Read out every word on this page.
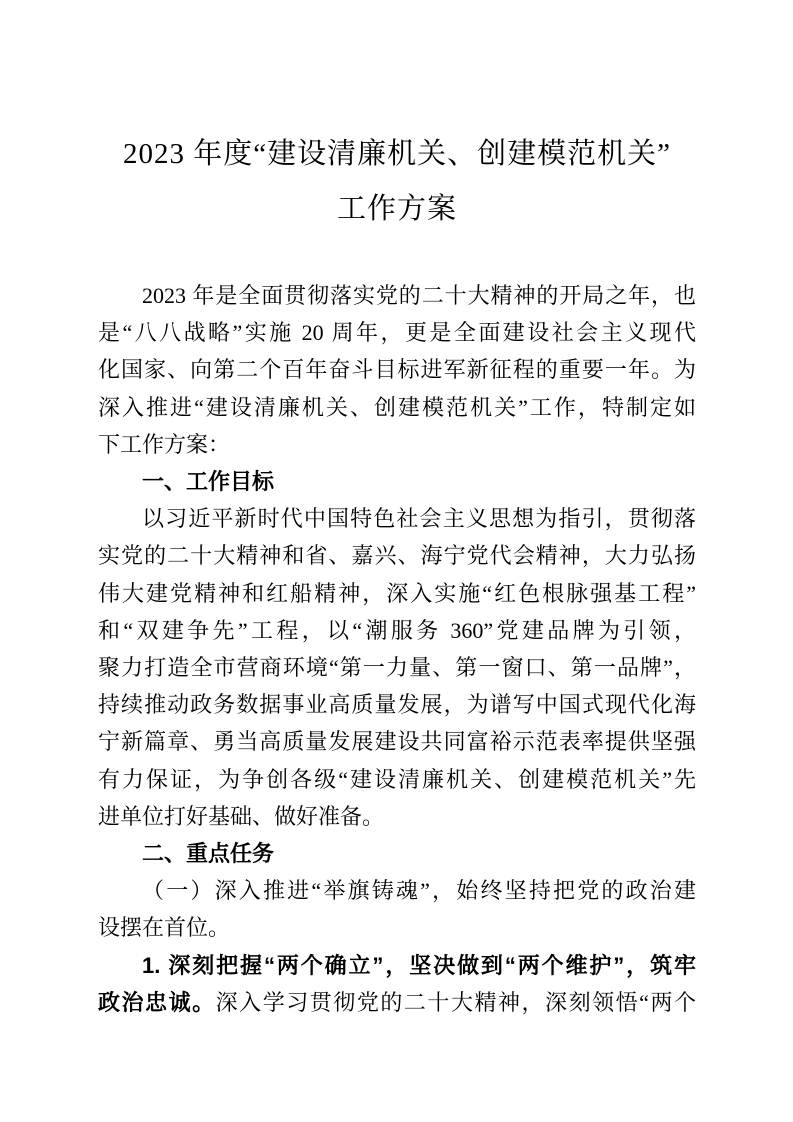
2023 年度“建设清廉机关、创建模范机关”
工作方案
2023 年是全面贯彻落实党的二十大精神的开局之年，也
是“八八战略”实施 20 周年，更是全面建设社会主义现代
化国家、向第二个百年奋斗目标进军新征程的重要一年。为
深入推进“建设清廉机关、创建模范机关”工作，特制定如
下工作方案：
一、工作目标
以习近平新时代中国特色社会主义思想为指引，贯彻落
实党的二十大精神和省、嘉兴、海宁党代会精神，大力弘扬
伟大建党精神和红船精神，深入实施“红色根脉强基工程”
和“双建争先”工程，以“潮服务 360”党建品牌为引领，
聚力打造全市营商环境“第一力量、第一窗口、第一品牌”，
持续推动政务数据事业高质量发展，为谱写中国式现代化海
宁新篇章、勇当高质量发展建设共同富裕示范表率提供坚强
有力保证，为争创各级“建设清廉机关、创建模范机关”先
进单位打好基础、做好准备。
二、重点任务
（一）深入推进“举旗铸魂”，始终坚持把党的政治建
设摆在首位。
1. 深刻把握“两个确立”，坚决做到“两个维护”，筑牢
政治忠诚。深入学习贯彻党的二十大精神，深刻领悟“两个
